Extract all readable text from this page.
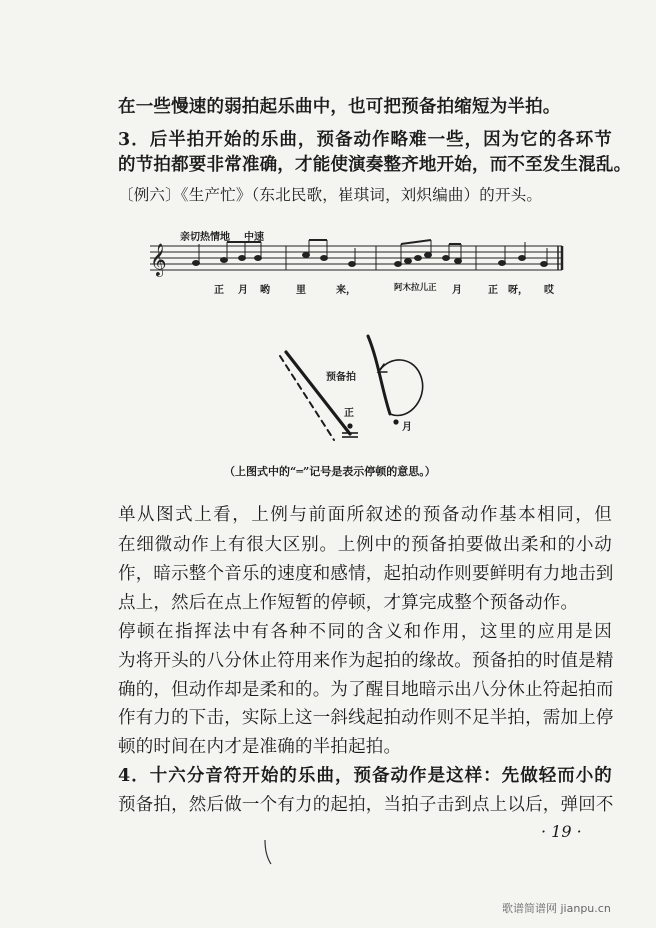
在一些慢速的弱拍起乐曲中，也可把预备拍缩短为半拍。
3．后半拍开始的乐曲，预备动作略难一些，因为它的各环节
的节拍都要非常准确，才能使演奏整齐地开始，而不至发生混乱。
〔例六〕《生产忙》（东北民歌，崔琪词，刘炽编曲）的开头。
亲切热情地 中速
𝄞
正 月 哟	里	来，	阿木拉儿正 月	正 呀， 哎
预备拍
正
月
（上图式中的“═”记号是表示停顿的意思。）
单从图式上看，上例与前面所叙述的预备动作基本相同，但
在细微动作上有很大区别。上例中的预备拍要做出柔和的小动
作，暗示整个音乐的速度和感情，起拍动作则要鲜明有力地击到
点上，然后在点上作短暂的停顿，才算完成整个预备动作。
停顿在指挥法中有各种不同的含义和作用，这里的应用是因
为将开头的八分休止符用来作为起拍的缘故。预备拍的时值是精
确的，但动作却是柔和的。为了醒目地暗示出八分休止符起拍而
作有力的下击，实际上这一斜线起拍动作则不足半拍，需加上停
顿的时间在内才是准确的半拍起拍。
4．十六分音符开始的乐曲，预备动作是这样：先做轻而小的
预备拍，然后做一个有力的起拍，当拍子击到点上以后，弹回不
· 19 ·
歌谱简谱网 jianpu.cn
